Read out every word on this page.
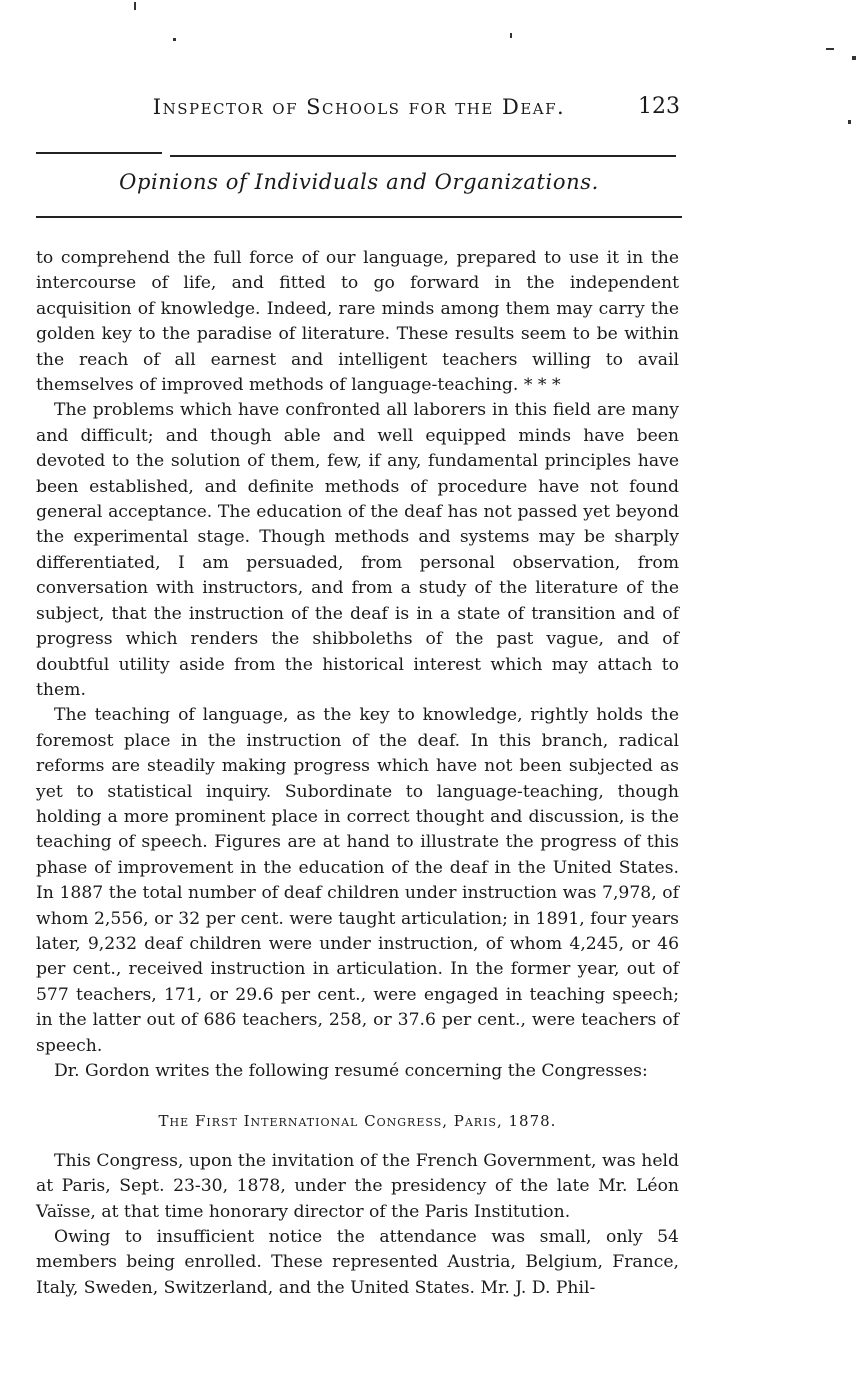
Inspector of Schools for the Deaf.	123
Opinions of Individuals and Organizations.

to comprehend the full force of our language, prepared to use it in the intercourse of life, and fitted to go forward in the independent acquisition of knowledge. Indeed, rare minds among them may carry the golden key to the paradise of literature. These results seem to be within the reach of all earnest and intelligent teachers willing to avail themselves of improved methods of language-teaching. * * *

The problems which have confronted all laborers in this field are many and difficult; and though able and well equipped minds have been devoted to the solution of them, few, if any, fundamental principles have been established, and definite methods of procedure have not found general acceptance. The education of the deaf has not passed yet beyond the experimental stage. Though methods and systems may be sharply differentiated, I am persuaded, from personal observation, from conversation with instructors, and from a study of the literature of the subject, that the instruction of the deaf is in a state of transition and of progress which renders the shibboleths of the past vague, and of doubtful utility aside from the historical interest which may attach to them.

The teaching of language, as the key to knowledge, rightly holds the foremost place in the instruction of the deaf. In this branch, radical reforms are steadily making progress which have not been subjected as yet to statistical inquiry. Subordinate to language-teaching, though holding a more prominent place in correct thought and discussion, is the teaching of speech. Figures are at hand to illustrate the progress of this phase of improvement in the education of the deaf in the United States. In 1887 the total number of deaf children under instruction was 7,978, of whom 2,556, or 32 per cent. were taught articulation; in 1891, four years later, 9,232 deaf children were under instruction, of whom 4,245, or 46 per cent., received instruction in articulation. In the former year, out of 577 teachers, 171, or 29.6 per cent., were engaged in teaching speech; in the latter out of 686 teachers, 258, or 37.6 per cent., were teachers of speech.

Dr. Gordon writes the following resumé concerning the Congresses:

The First International Congress, Paris, 1878.

This Congress, upon the invitation of the French Government, was held at Paris, Sept. 23-30, 1878, under the presidency of the late Mr. Léon Vaïsse, at that time honorary director of the Paris Institution.

Owing to insufficient notice the attendance was small, only 54 members being enrolled. These represented Austria, Belgium, France, Italy, Sweden, Switzerland, and the United States. Mr. J. D. Phil-
